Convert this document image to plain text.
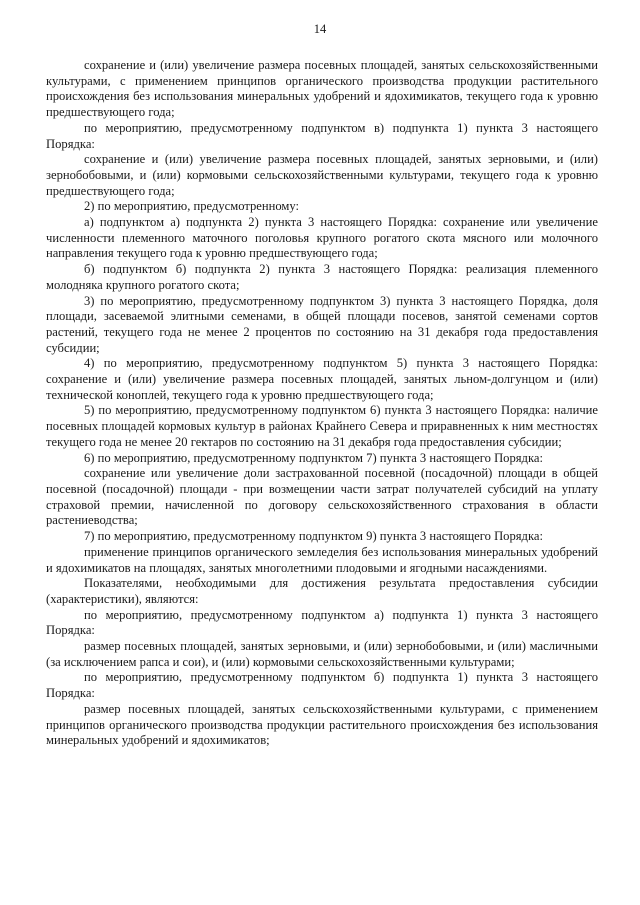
14

сохранение и (или) увеличение размера посевных площадей, занятых сельскохозяйственными культурами, с применением принципов органического производства продукции растительного происхождения без использования минеральных удобрений и ядохимикатов, текущего года к уровню предшествующего года;

по мероприятию, предусмотренному подпунктом в) подпункта 1) пункта 3 настоящего Порядка:

сохранение и (или) увеличение размера посевных площадей, занятых зерновыми, и (или) зернобобовыми, и (или) кормовыми сельскохозяйственными культурами, текущего года к уровню предшествующего года;

2) по мероприятию, предусмотренному:

а) подпунктом а) подпункта 2) пункта 3 настоящего Порядка: сохранение или увеличение численности племенного маточного поголовья крупного рогатого скота мясного или молочного направления текущего года к уровню предшествующего года;

б) подпунктом б) подпункта 2) пункта 3 настоящего Порядка: реализация племенного молодняка крупного рогатого скота;

3) по мероприятию, предусмотренному подпунктом 3) пункта 3 настоящего Порядка, доля площади, засеваемой элитными семенами, в общей площади посевов, занятой семенами сортов растений, текущего года не менее 2 процентов по состоянию на 31 декабря года предоставления субсидии;

4) по мероприятию, предусмотренному подпунктом 5) пункта 3 настоящего Порядка: сохранение и (или) увеличение размера посевных площадей, занятых льном-долгунцом и (или) технической коноплей, текущего года к уровню предшествующего года;

5) по мероприятию, предусмотренному подпунктом 6) пункта 3 настоящего Порядка: наличие посевных площадей кормовых культур в районах Крайнего Севера и приравненных к ним местностях текущего года не менее 20 гектаров по состоянию на 31 декабря года предоставления субсидии;

6) по мероприятию, предусмотренному подпунктом 7) пункта 3 настоящего Порядка:

сохранение или увеличение доли застрахованной посевной (посадочной) площади в общей посевной (посадочной) площади - при возмещении части затрат получателей субсидий на уплату страховой премии, начисленной по договору сельскохозяйственного страхования в области растениеводства;

7) по мероприятию, предусмотренному подпунктом 9) пункта 3 настоящего Порядка:

применение принципов органического земледелия без использования минеральных удобрений и ядохимикатов на площадях, занятых многолетними плодовыми и ягодными насаждениями.

Показателями, необходимыми для достижения результата предоставления субсидии (характеристики), являются:

по мероприятию, предусмотренному подпунктом а) подпункта 1) пункта 3 настоящего Порядка:

размер посевных площадей, занятых зерновыми, и (или) зернобобовыми, и (или) масличными (за исключением рапса и сои), и (или) кормовыми сельскохозяйственными культурами;

по мероприятию, предусмотренному подпунктом б) подпункта 1) пункта 3 настоящего Порядка:

размер посевных площадей, занятых сельскохозяйственными культурами, с применением принципов органического производства продукции растительного происхождения без использования минеральных удобрений и ядохимикатов;
